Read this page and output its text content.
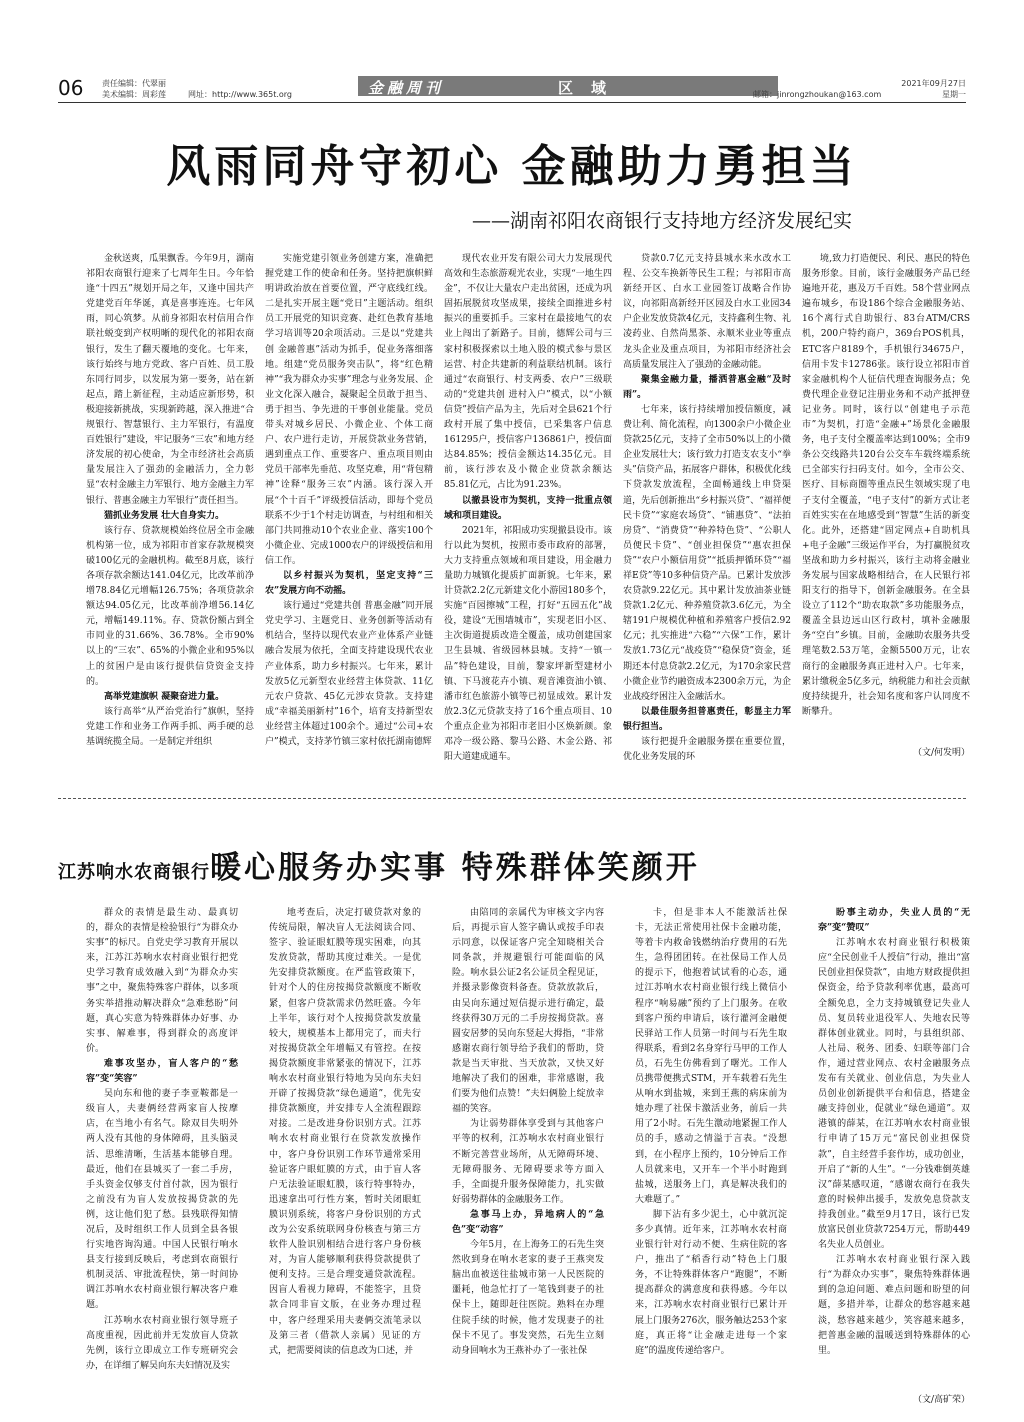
06 责任编辑：代翠丽
美术编辑：周彩莲	网址：http://www.365t.org	金融周刊	区域	邮箱：jinrongzhoukan@163.com
2021年09月27日
星期一
风雨同舟守初心 金融助力勇担当
——湖南祁阳农商银行支持地方经济发展纪实

金秋送爽，瓜果飘香。今年9月，湖南祁阳农商银行迎来了七周年生日。今年恰逢“十四五”规划开局之年，又逢中国共产党建党百年华诞，真是喜事连连。七年风雨，同心筑梦。从前身祁阳农村信用合作联社蜕变到产权明晰的现代化的祁阳农商银行，发生了翻天覆地的变化。七年来，该行始终与地方党政、客户百姓、员工股东同行同步，以发展为第一要务，站在新起点，踏上新征程，主动适应新形势，积极迎接新挑战，实现新跨越，深入推进“合规银行、智慧银行、主力军银行，有温度百姓银行”建设，牢记服务“三农”和地方经济发展的初心使命，为全市经济社会高质量发展注入了强劲的金融活力，全力彰显“农村金融主力军银行、地方金融主力军银行、普惠金融主力军银行”责任担当。

猫抓业务发展 壮大自身实力。

该行存、贷款规模始终位居全市金融机构第一位，成为祁阳市首家存款规模突破100亿元的金融机构。截至8月底，该行各项存款余额达141.04亿元，比改革前净增78.84亿元增幅126.75%；各项贷款余额达94.05亿元，比改革前净增56.14亿元，增幅149.11%。存、贷款份额占到全市同业的31.66%、36.78%。全市90%以上的“三农”、65%的小微企业和95%以上的贫困户是由该行提供信贷资金支持的。

高举党建旗帜 凝聚奋进力量。

该行高举“从严治党治行”旗帜，坚持党建工作和业务工作两手抓、两手硬的总基调统揽全局。一是制定并组织

实施党建引领业务创建方案，准确把握党建工作的使命和任务。坚持把旗帜鲜明讲政治放在首要位置，严守底线红线。二是扎实开展主题“党日”主题活动。组织员工开展党的知识竞赛、赴红色教育基地学习培训等20余项活动。三是以“党建共创 金融普惠”活动为抓手，促业务落细落地。组建“党员服务突击队”，将“红色精神”“我为群众办实事”理念与业务发展、企业文化深入融合，凝聚起全员敢于担当、勇于担当、争先进的干事创业能量。党员带头对城乡居民、小微企业、个体工商户、农户进行走访，开展贷款业务营销，遇到重点工作、重要客户、重点项目则由党员干部率先垂范、攻坚克难，用“背包精神”诠释“服务三农”内涵。该行深入开展“个十百千”评级授信活动，即每个党员联系不少于1个村走访调查，与村组和相关部门共同推动10个农业企业、落实100个小微企业、完成1000农户的评级授信和用信工作。

以乡村振兴为契机，坚定支持“三农”发展方向不动摇。

该行通过“党建共创 普惠金融”同开展党史学习、主题党日、业务创新等活动有机结合，坚持以现代农业产业体系产业链融合发展为依托，全面支持建设现代农业产业体系，助力乡村振兴。七年来，累计发放5亿元新型农业经营主体贷款、11亿元农户贷款、45亿元涉农贷款。支持建成“幸福美丽新村”16个，培育支持新型农业经营主体超过100余个。通过“公司+农户”模式，支持茅竹镇三家村依托湖南德辉

现代农业开发有限公司大力发展现代高效和生态旅游观光农业，实现“一地生四金”，不仅让大量农户走出贫困，还成为巩固拓展脱贫攻坚成果，接续全面推进乡村振兴的重要抓手。三家村在最接地气的农业上闯出了新路子。目前，德辉公司与三家村积极探索以土地入股的模式参与景区运营、村企共建新的利益联结机制。该行通过“农商银行、村支两委、农户”三级联动的“党建共创 进村入户”模式，以“小额信贷”授信产品为主，先后对全县621个行政村开展了集中授信，已采集客户信息161295户，授信客户136861户，授信面达84.85%；授信金额达14.35亿元。目前，该行涉农及小微企业贷款余额达85.81亿元，占比为91.23%。

以撤县设市为契机，支持一批重点领域和项目建设。

2021年，祁阳成功实现撤县设市。该行以此为契机，按照市委市政府的部署，大力支持重点领域和项目建设，用金融力量助力城镇化提质扩面新貌。七年来，累计贷款2.2亿元新建文化小游园180多个，实施“百园擦城”工程，打好“五园五化”战役，建设“无围墙城市”，实现老旧小区、主次街道提质改造全覆盖，成功创建国家卫生县城、省级园林县城。支持“一镇一品”特色建设，目前，黎家坪新型建材小镇、下马渡花卉小镇、观音滩资油小镇、潘市红色旅游小镇等已初显成效。累计发放2.3亿元贷款支持了16个重点项目、10个重点企业为祁阳市老旧小区焕新颜。象邓冷一级公路、黎马公路、木金公路、祁阳大道建成通车。

贷款0.7亿元支持县城水来水改水工程、公交车换新等民生工程；与祁阳市高新经开区、白水工业园签订战略合作协议，向祁阳高新经开区园及白水工业园34户企业发放贷款4亿元，支持鑫利生物、礼凌药业、自然尚黑茶、永顺米业业等重点龙头企业及重点项目，为祁阳市经济社会高质量发展注入了强劲的金融动能。

聚集金融力量，播洒普惠金融“及时雨”。

七年来，该行持续增加授信额度，减费让利、简化流程，向1300余户小微企业贷款25亿元，支持了全市50%以上的小微企业发展壮大；该行致力打造支农支小“拳头”信贷产品，拓展客户群体，积极优化线下贷款发放流程，全面畅通线上申贷渠道，先后创新推出“乡村振兴贷”、“福祥便民卡贷”“家庭农场贷”、“铺惠贷”、“法拍房贷”、“消费贷”“种养特色贷”、“公职人员便民卡贷”、“创业担保贷”“惠农担保贷”“农户小额信用贷”“抵质押循环贷”“福祥E贷”等10多种信贷产品。已累计发放涉农贷款9.22亿元。其中累计发放油茶业链贷款1.2亿元、种养殖贷款3.6亿元，为全辖191户规模优种植和养殖客户授信2.92亿元；扎实推进“六稳”“六保”工作，累计发放1.73亿元“战疫贷”“稳保贷”资金，延期还本付息贷款2.2亿元，为170余家民营小微企业节约融资成本2300余万元，为企业战疫纾困注入金融活水。

以最佳服务担普惠责任，彰显主力军银行担当。

该行把提升金融服务摆在重要位置，优化业务发展的环

境,致力打造便民、利民、惠民的特色服务形象。目前，该行金融服务产品已经遍地开花，惠及万千百姓。58个营业网点遍布城乡，布设186个综合金融服务站、16个离行式自助银行、83台ATM/CRS机，200户特约商户，369台POS机具，ETC客户8189个，手机银行34675户，信用卡发卡12786张。该行设立祁阳市首家金融机构个人征信代理查询服务点；免费代理企业登记注册业务和不动产抵押登记业务。同时，该行以“创建电子示范市”为契机，打造“金融+”场景化金融服务，电子支付全覆盖率达到100%；全市9条公交线路共120台公交车车载终端系统已全部实行扫码支付。如今，全市公交、医疗、目标商圈等重点民生领域实现了电子支付全覆盖，“电子支付”的新方式让老百姓实实在在地感受到“智慧”生活的新变化。此外，还搭建“固定网点+自助机具+电子金融”三级运作平台，为打赢脱贫攻坚战和助力乡村振兴，该行主动将金融业务发展与国家战略相结合，在人民银行祁阳支行的指导下，创新金融服务。在全县设立了112个“助农取款”多功能服务点，覆盖全县边远山区行政村，填补金融服务“空白”乡镇。目前，金融助农服务共受理笔数2.53万笔，金额5500万元，让农商行的金融服务真正进村入户。七年来，累计缴税金5亿多元，纳税能力和社会贡献度持续提升，社会知名度和客户认同度不断攀升。

（文/何发明）
江苏响水农商银行暖心服务办实事 特殊群体笑颜开

群众的表情是最生动、最真切的，群众的表情是检验银行“为群众办实事”的标尺。自党史学习教育开展以来，江苏江苏响水农村商业银行把党史学习教育成效融入到“为群众办实事”之中，聚焦特殊客户群体，以多项务实举措推动解决群众“急难愁盼”问题，真心实意为特殊群体办好事、办实事、解难事，得到群众的高度评价。

难事攻坚办，盲人客户的“愁容”变“笑容”

吴向东和他的妻子李亚鞍都是一级盲人，夫妻俩经营两家盲人按摩店，在当地小有名气。除双目失明外两人没有其他的身体障碍，且头脑灵活、思维清晰，生活基本能够自理。最近，他们在县城买了一套二手房，手头资金仅够支付首付款，因为银行之前没有为盲人发放按揭贷款的先例，这让他们犯了愁。县残联得知情况后，及时组织工作人员到全县各银行实地咨询沟通。中国人民银行响水县支行接到反映后，考虑到农商银行机制灵活、审批流程快，第一时间协调江苏响水农村商业银行解决客户难题。

江苏响水农村商业银行领导班子高度重视，因此前并无发放盲人贷款先例，该行立即成立工作专班研究会办，在详细了解吴向东夫妇情况及实

地考查后，决定打破贷款对象的传统局限，解决盲人无法阅读合同、签字、验证眼虹膜等现实困难，向其发放贷款，帮助其度过难关。一是优先安排贷款额度。在严监管政策下，针对个人的住房按揭贷款额度不断收紧，但客户贷款需求仍然旺盛。今年上半年，该行对个人按揭贷款发放量较大，规模基本上都用完了，而夫行对按揭贷款全年增幅又有管控。在按揭贷款额度非常紧张的情况下，江苏响水农村商业银行特地为吴向东夫妇开辟了按揭贷款“绿色通道”，优先安排贷款额度，并安排专人全流程跟踪对接。二是改进身份识别方式。江苏响水农村商业银行在贷款发放操作中，客户身份识别工作环节通常采用验证客户眼虹膜的方式，由于盲人客户无法验证眼虹膜，该行特事特办，迅速拿出可行性方案，暂时关闭眼虹膜识别系统，将客户身份识别的方式改为公安系统联网身份核查与第三方软件人脸识别相结合进行客户身份核对，为盲人能够顺利获得贷款提供了便利支持。三是合理变通贷款流程。因盲人看视力障碍，不能签字，且贷款合同非盲文版，在业务办理过程中，客户经理采用夫妻俩交流笔录以及第三者（借款人亲属）见证的方式，把需要阅读的信息改为口述，并

由陪同的亲属代为审核文字内容后，再提示盲人签字确认或按手印表示同意，以保证客户完全知晓相关合同条款，并规避银行可能面临的风险。响水县公证2名公证员全程见证，并摄录影像资料备查。贷款放款后，由吴向东通过短信提示进行确定，最终获得30万元的二手房按揭贷款。喜圆安居梦的吴向东竖起大拇指，“非常感谢农商行领导给予我们的帮助，贷款是当天审批、当天放款，又快又好地解决了我们的困难，非常感谢，我们要为他们点赞！”夫妇俩脸上绽放幸福的笑容。

为让弱势群体享受到与其他客户平等的权利，江苏响水农村商业银行不断完善营业场所，从无障碍环境、无障碍服务、无障碍要求等方面入手，全面提升服务保障能力，扎实做好弱势群体的金融服务工作。

急事马上办，异地病人的“急色”变“动容”

今年5月，在上海务工的石先生突然收到身在响水老家的妻子王燕突发脑出血被送往盐城市第一人民医院的噩耗，他急忙打了一笔钱到妻子的社保卡上，随即赶往医院。熟料在办理住院手续的时候，他才发现妻子的社保卡不见了。事发突然，石先生立刻动身回响水为王燕补办了一张社保

卡，但是非本人不能激活社保卡，无法正常使用社保卡金融功能，等着卡内救命钱燃纳治疗费用的石先生，急得团团转。在社保局工作人员的提示下，他抱着试试看的心态，通过江苏响水农村商业银行线上微信小程序“响易融”预约了上门服务。在收到客户预约申请后，该行灌河金融便民驿站工作人员第一时间与石先生取得联系，看到2名身穿行马甲的工作人员，石先生仿佛看到了曙光。工作人员携带便携式STM，开车载着石先生从响水到盐城，来到王燕的病床前为她办理了社保卡激活业务，前后一共用了2小时。石先生激动地紧握工作人员的手，感动之情溢于言表。“没想到，在小程序上预约，10分钟后工作人员就来电，又开车一个半小时跑到盐城，送服务上门，真是解决我们的大难题了。”

脚下沾有多少泥土，心中就沉淀多少真情。近年来，江苏响水农村商业银行针对行动不便、生病住院的客户，推出了“稻香行动”特色上门服务，不让特殊群体客户“跑腿”，不断提高群众的满意度和获得感。今年以来，江苏响水农村商业银行已累计开展上门服务276次，服务触达253个家庭，真正将“让金融走进每一个家庭”的温度传递给客户。

盼事主动办，失业人员的“无奈”变“赞叹”

江苏响水农村商业银行积极策应“全民创业千人授信”行动，推出“富民创业担保贷款”，由地方财政提供担保资金，给予贷款利率优惠，最高可全额免息，全力支持城镇登记失业人员、复员转业退役军人、失地农民等群体创业就业。同时，与县组织部、人社局、税务、团委、妇联等部门合作，通过营业网点、农村金融服务点发布有关就业、创业信息，为失业人员创业创新提供平台和信息，搭建金融支持创业，促就业“绿色通道”。双港镇的薛某，在江苏响水农村商业银行申请了15万元“富民创业担保贷款”，自主经营手套作坊，成功创业，开启了“新的人生”。“一分钱难倒英雄汉”薛某感叹道，“感谢农商行在我失意的时候伸出援手，发放免息贷款支持我创业。”截至9月17日，该行已发放富民创业贷款7254万元，帮助449名失业人员创业。

江苏响水农村商业银行深入践行“为群众办实事”，聚焦特殊群体遇到的急迫问题、难点问题和盼望的问题，多措并举，让群众的愁容越来越淡，愁容越来越少，笑容越来越多，把普惠金融的温暖送到特殊群体的心里。

（文/高矿荣）
